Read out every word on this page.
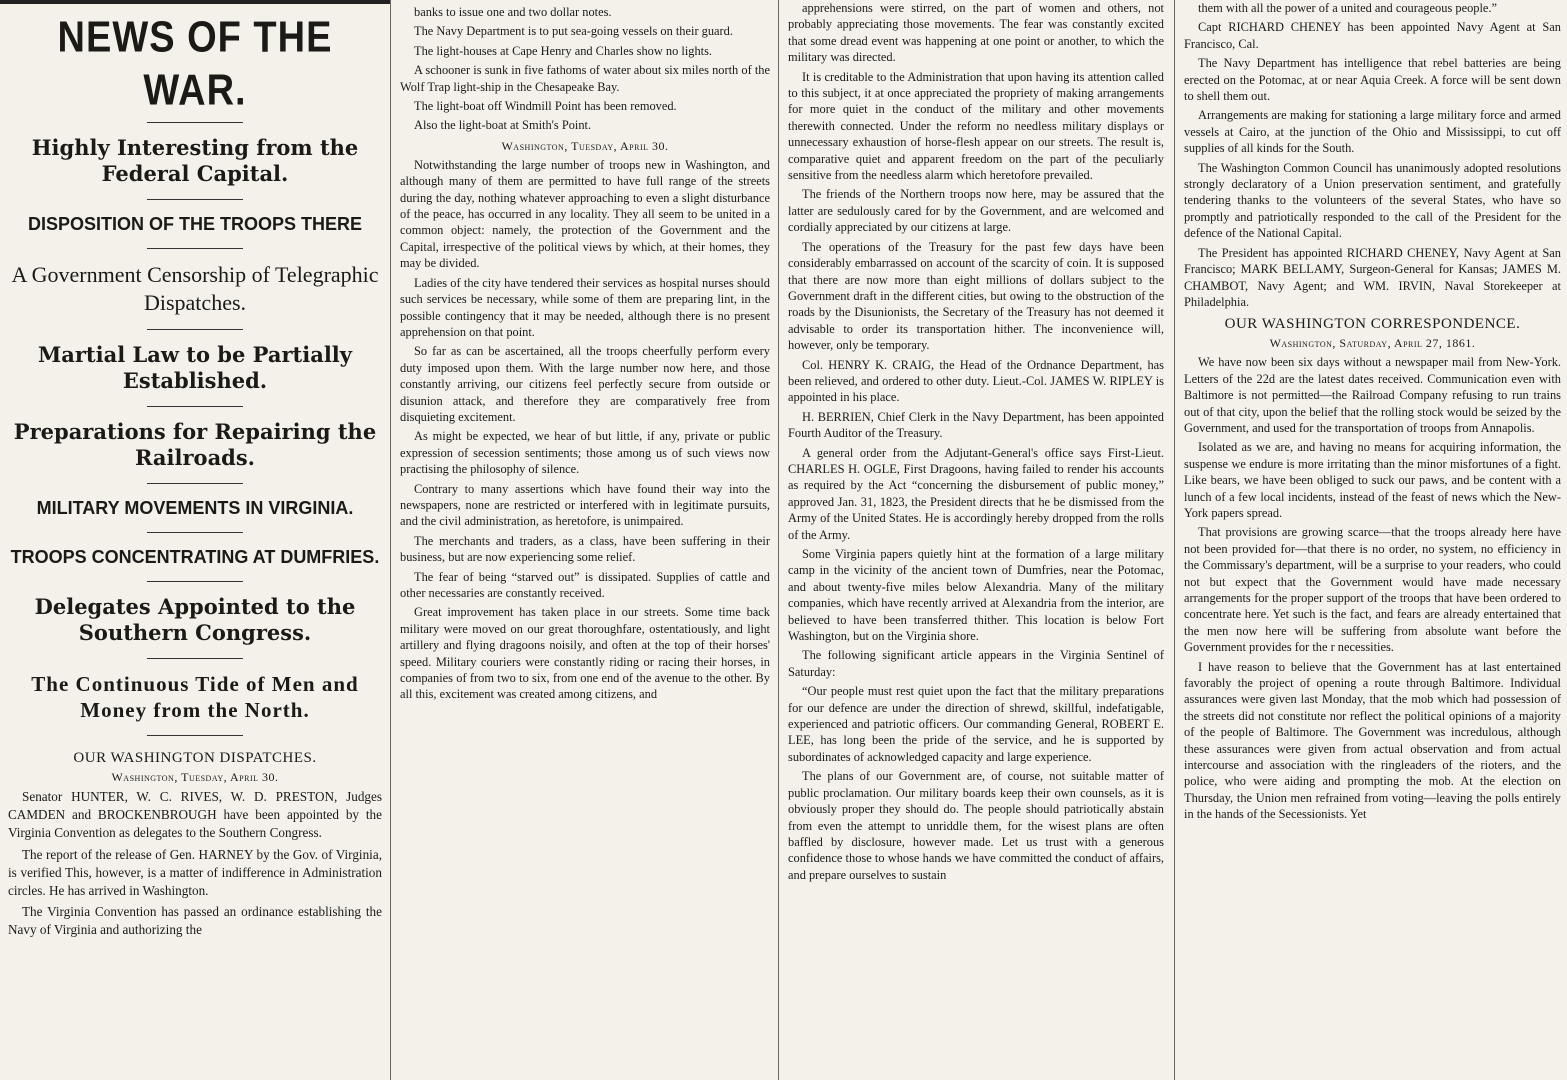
NEWS OF THE WAR.
Highly Interesting from the Federal Capital.
DISPOSITION OF THE TROOPS THERE
A Government Censorship of Telegraphic Dispatches.
Martial Law to be Partially Established.
Preparations for Repairing the Railroads.
MILITARY MOVEMENTS IN VIRGINIA.
TROOPS CONCENTRATING AT DUMFRIES.
Delegates Appointed to the Southern Congress.
The Continuous Tide of Men and Money from the North.
OUR WASHINGTON DISPATCHES.
Washington, Tuesday, April 30.

Senator HUNTER, W. C. RIVES, W. D. PRESTON, Judges CAMDEN and BROCKENBROUGH have been appointed by the Virginia Convention as delegates to the Southern Congress.

The report of the release of Gen. HARNEY by the Gov. of Virginia, is verified This, however, is a matter of indifference in Administration circles. He has arrived in Washington.

The Virginia Convention has passed an ordinance establishing the Navy of Virginia and authorizing the

banks to issue one and two dollar notes.

The Navy Department is to put sea-going vessels on their guard.

The light-houses at Cape Henry and Charles show no lights.

A schooner is sunk in five fathoms of water about six miles north of the Wolf Trap light-ship in the Chesapeake Bay.

The light-boat off Windmill Point has been removed.

Also the light-boat at Smith's Point.

Washington, Tuesday, April 30.

Notwithstanding the large number of troops new in Washington, and although many of them are permitted to have full range of the streets during the day, nothing whatever approaching to even a slight disturbance of the peace, has occurred in any locality. They all seem to be united in a common object: namely, the protection of the Government and the Capital, irrespective of the political views by which, at their homes, they may be divided.

Ladies of the city have tendered their services as hospital nurses should such services be necessary, while some of them are preparing lint, in the possible contingency that it may be needed, although there is no present apprehension on that point.

So far as can be ascertained, all the troops cheerfully perform every duty imposed upon them. With the large number now here, and those constantly arriving, our citizens feel perfectly secure from outside or disunion attack, and therefore they are comparatively free from disquieting excitement.

As might be expected, we hear of but little, if any, private or public expression of secession sentiments; those among us of such views now practising the philosophy of silence.

Contrary to many assertions which have found their way into the newspapers, none are restricted or interfered with in legitimate pursuits, and the civil administration, as heretofore, is unimpaired.

The merchants and traders, as a class, have been suffering in their business, but are now experiencing some relief.

The fear of being “starved out” is dissipated. Supplies of cattle and other necessaries are constantly received.

Great improvement has taken place in our streets. Some time back military were moved on our great thoroughfare, ostentatiously, and light artillery and flying dragoons noisily, and often at the top of their horses' speed. Military couriers were constantly riding or racing their horses, in companies of from two to six, from one end of the avenue to the other. By all this, excitement was created among citizens, and

apprehensions were stirred, on the part of women and others, not probably appreciating those movements. The fear was constantly excited that some dread event was happening at one point or another, to which the military was directed.

It is creditable to the Administration that upon having its attention called to this subject, it at once appreciated the propriety of making arrangements for more quiet in the conduct of the military and other movements therewith connected. Under the reform no needless military displays or unnecessary exhaustion of horse-flesh appear on our streets. The result is, comparative quiet and apparent freedom on the part of the peculiarly sensitive from the needless alarm which heretofore prevailed.

The friends of the Northern troops now here, may be assured that the latter are sedulously cared for by the Government, and are welcomed and cordially appreciated by our citizens at large.

The operations of the Treasury for the past few days have been considerably embarrassed on account of the scarcity of coin. It is supposed that there are now more than eight millions of dollars subject to the Government draft in the different cities, but owing to the obstruction of the roads by the Disunionists, the Secretary of the Treasury has not deemed it advisable to order its transportation hither. The inconvenience will, however, only be temporary.

Col. HENRY K. CRAIG, the Head of the Ordnance Department, has been relieved, and ordered to other duty. Lieut.-Col. JAMES W. RIPLEY is appointed in his place.

H. BERRIEN, Chief Clerk in the Navy Department, has been appointed Fourth Auditor of the Treasury.

A general order from the Adjutant-General's office says First-Lieut. CHARLES H. OGLE, First Dragoons, having failed to render his accounts as required by the Act “concerning the disbursement of public money,” approved Jan. 31, 1823, the President directs that he be dismissed from the Army of the United States. He is accordingly hereby dropped from the rolls of the Army.

Some Virginia papers quietly hint at the formation of a large military camp in the vicinity of the ancient town of Dumfries, near the Potomac, and about twenty-five miles below Alexandria. Many of the military companies, which have recently arrived at Alexandria from the interior, are believed to have been transferred thither. This location is below Fort Washington, but on the Virginia shore.

The following significant article appears in the Virginia Sentinel of Saturday:

“Our people must rest quiet upon the fact that the military preparations for our defence are under the direction of shrewd, skillful, indefatigable, experienced and patriotic officers. Our commanding General, ROBERT E. LEE, has long been the pride of the service, and he is supported by subordinates of acknowledged capacity and large experience.

The plans of our Government are, of course, not suitable matter of public proclamation. Our military boards keep their own counsels, as it is obviously proper they should do. The people should patriotically abstain from even the attempt to unriddle them, for the wisest plans are often baffled by disclosure, however made. Let us trust with a generous confidence those to whose hands we have committed the conduct of affairs, and prepare ourselves to sustain

them with all the power of a united and courageous people.”

Capt RICHARD CHENEY has been appointed Navy Agent at San Francisco, Cal.

The Navy Department has intelligence that rebel batteries are being erected on the Potomac, at or near Aquia Creek. A force will be sent down to shell them out.

Arrangements are making for stationing a large military force and armed vessels at Cairo, at the junction of the Ohio and Mississippi, to cut off supplies of all kinds for the South.

The Washington Common Council has unanimously adopted resolutions strongly declaratory of a Union preservation sentiment, and gratefully tendering thanks to the volunteers of the several States, who have so promptly and patriotically responded to the call of the President for the defence of the National Capital.

The President has appointed RICHARD CHENEY, Navy Agent at San Francisco; MARK BELLAMY, Surgeon-General for Kansas; JAMES M. CHAMBOT, Navy Agent; and WM. IRVIN, Naval Storekeeper at Philadelphia.

OUR WASHINGTON CORRESPONDENCE.
Washington, Saturday, April 27, 1861.

We have now been six days without a newspaper mail from New-York. Letters of the 22d are the latest dates received. Communication even with Baltimore is not permitted—the Railroad Company refusing to run trains out of that city, upon the belief that the rolling stock would be seized by the Government, and used for the transportation of troops from Annapolis.

Isolated as we are, and having no means for acquiring information, the suspense we endure is more irritating than the minor misfortunes of a fight. Like bears, we have been obliged to suck our paws, and be content with a lunch of a few local incidents, instead of the feast of news which the New-York papers spread.

That provisions are growing scarce—that the troops already here have not been provided for—that there is no order, no system, no efficiency in the Commissary's department, will be a surprise to your readers, who could not but expect that the Government would have made necessary arrangements for the proper support of the troops that have been ordered to concentrate here. Yet such is the fact, and fears are already entertained that the men now here will be suffering from absolute want before the Government provides for the r necessities.

I have reason to believe that the Government has at last entertained favorably the project of opening a route through Baltimore. Individual assurances were given last Monday, that the mob which had possession of the streets did not constitute nor reflect the political opinions of a majority of the people of Baltimore. The Government was incredulous, although these assurances were given from actual observation and from actual intercourse and association with the ringleaders of the rioters, and the police, who were aiding and prompting the mob. At the election on Thursday, the Union men refrained from voting—leaving the polls entirely in the hands of the Secessionists. Yet
